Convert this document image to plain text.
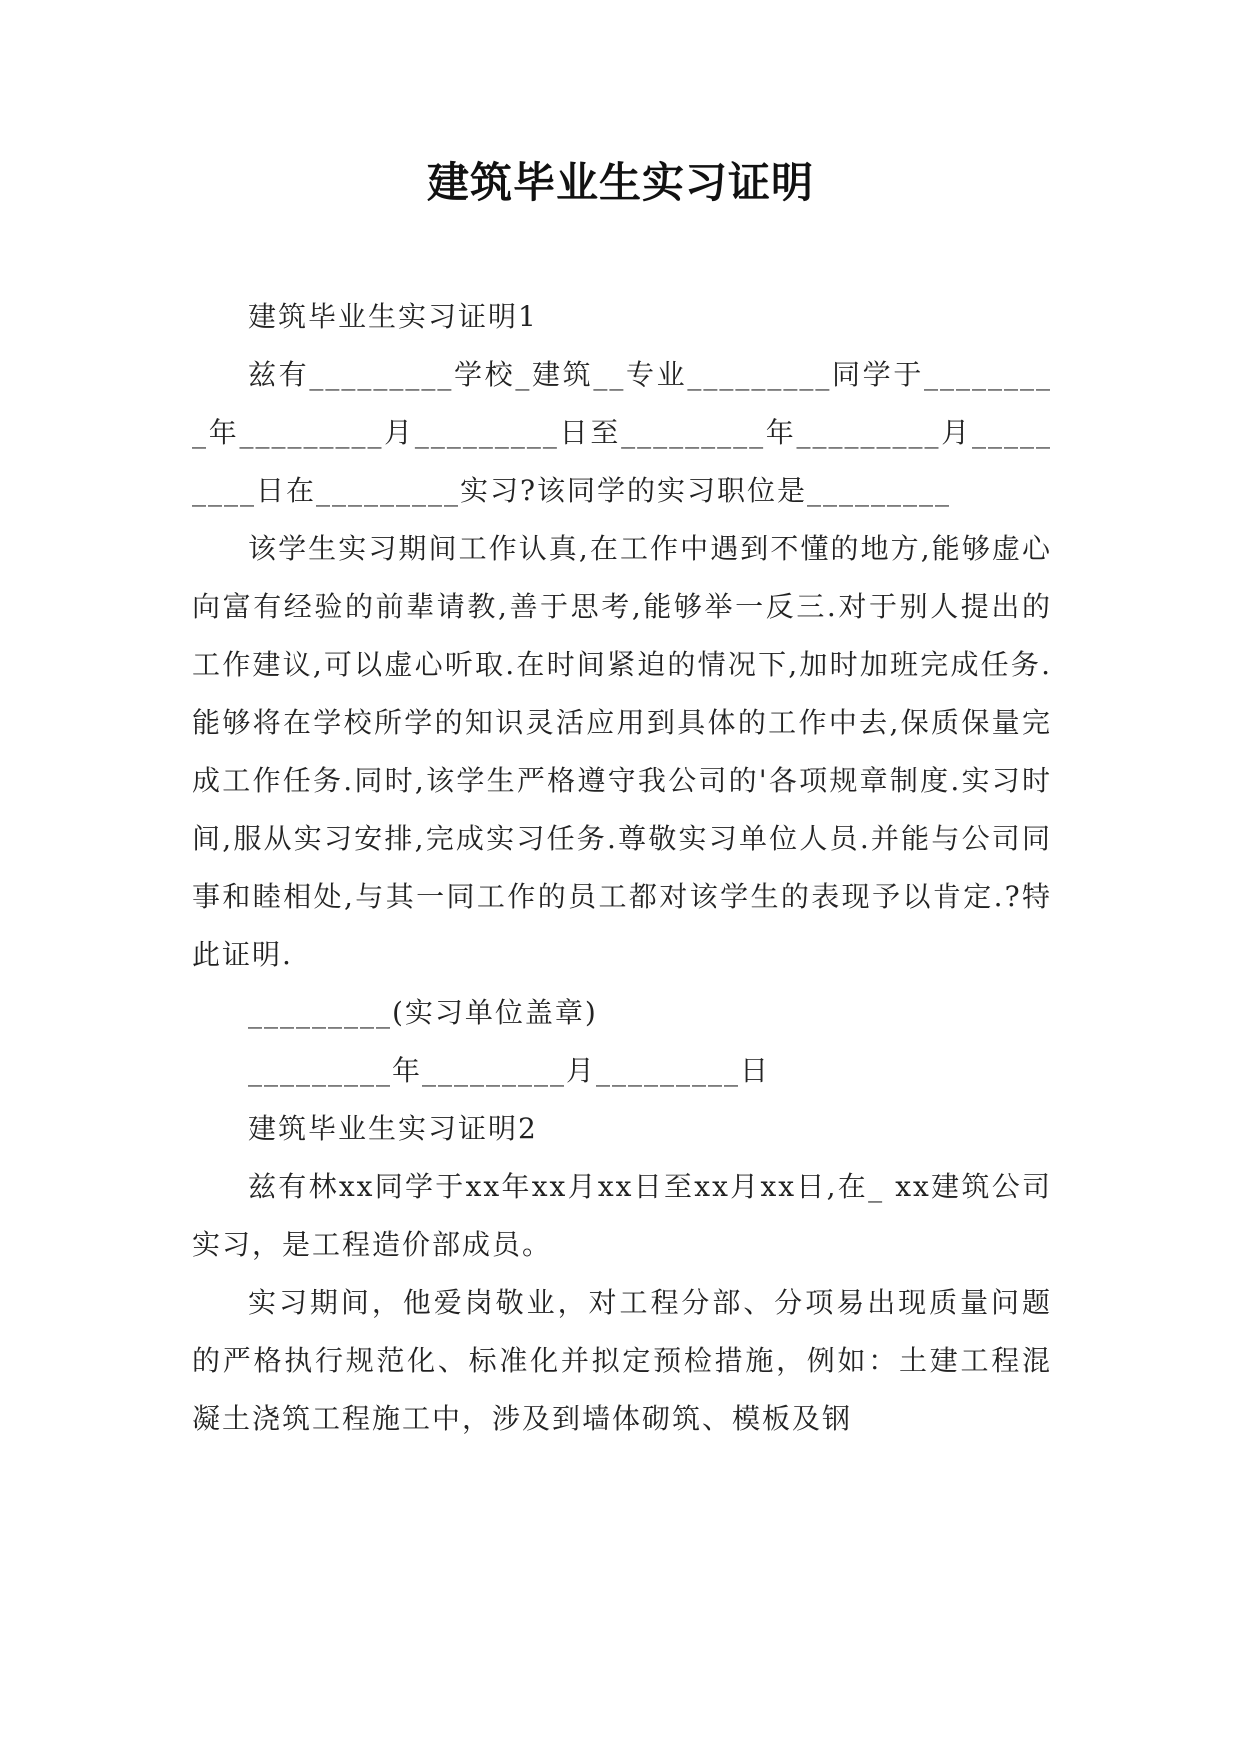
建筑毕业生实习证明

建筑毕业生实习证明1

兹有_________学校_建筑__专业_________同学于_________年_________月_________日至_________年_________月_________日在_________实习?该同学的实习职位是_________

该学生实习期间工作认真,在工作中遇到不懂的地方,能够虚心向富有经验的前辈请教,善于思考,能够举一反三.对于别人提出的工作建议,可以虚心听取.在时间紧迫的情况下,加时加班完成任务.能够将在学校所学的知识灵活应用到具体的工作中去,保质保量完成工作任务.同时,该学生严格遵守我公司的'各项规章制度.实习时间,服从实习安排,完成实习任务.尊敬实习单位人员.并能与公司同事和睦相处,与其一同工作的员工都对该学生的表现予以肯定.?特此证明.

_________(实习单位盖章)

_________年_________月_________日

建筑毕业生实习证明2

兹有林xx同学于xx年xx月xx日至xx月xx日,在_ xx建筑公司实习，是工程造价部成员。

实习期间，他爱岗敬业，对工程分部、分项易出现质量问题的严格执行规范化、标准化并拟定预检措施，例如：土建工程混凝土浇筑工程施工中，涉及到墙体砌筑、模板及钢
